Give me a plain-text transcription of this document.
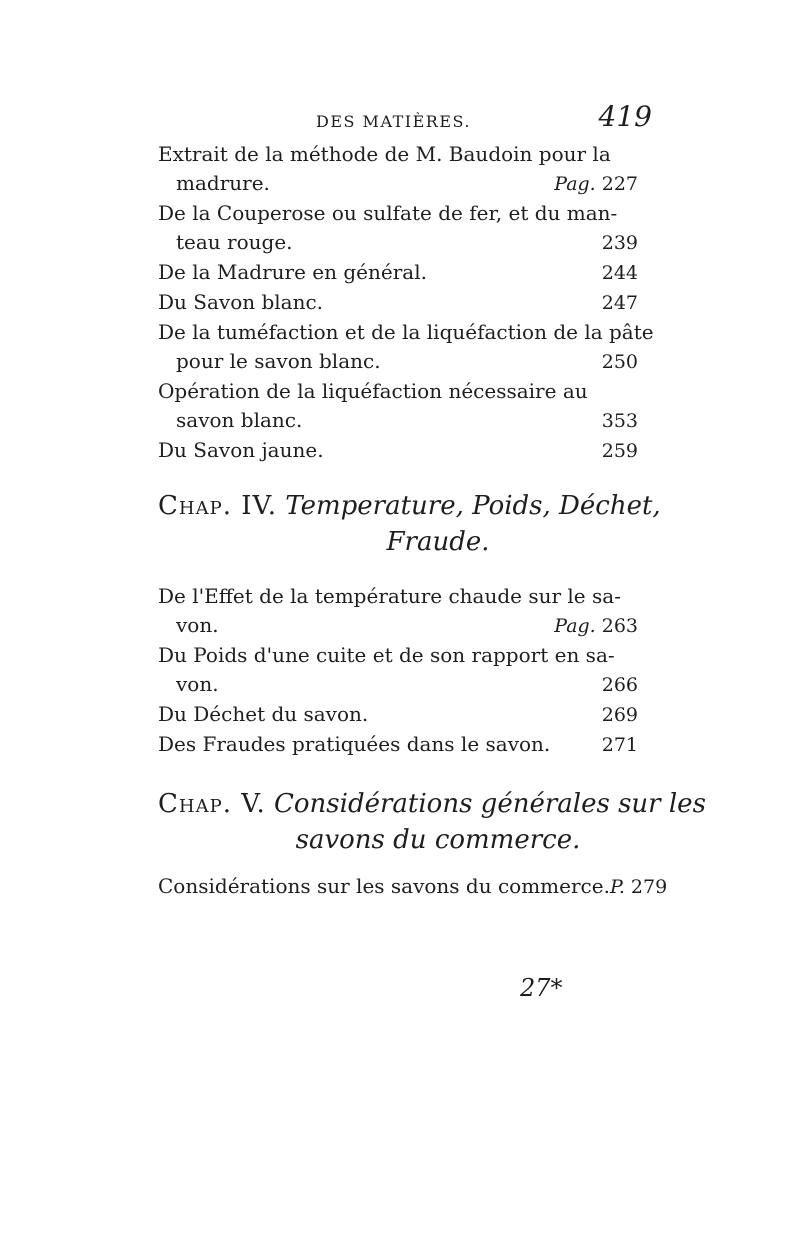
DES MATIÈRES.	419
Extrait de la méthode de M. Baudoin pour la
madrure.	Pag. 227
De la Couperose ou sulfate de fer, et du man-
teau rouge.	239
De la Madrure en général.	244
Du Savon blanc.	247
De la tuméfaction et de la liquéfaction de la pâte
pour le savon blanc.	250
Opération de la liquéfaction nécessaire au
savon blanc.	353
Du Savon jaune.	259
Chap. IV. Temperature, Poids, Déchet,
Fraude.
De l'Effet de la température chaude sur le sa-
von.	Pag. 263
Du Poids d'une cuite et de son rapport en sa-
von.	266
Du Déchet du savon.	269
Des Fraudes pratiquées dans le savon.	271
Chap. V. Considérations générales sur les
savons du commerce.
Considérations sur les savons du commerce. P. 279
27*
